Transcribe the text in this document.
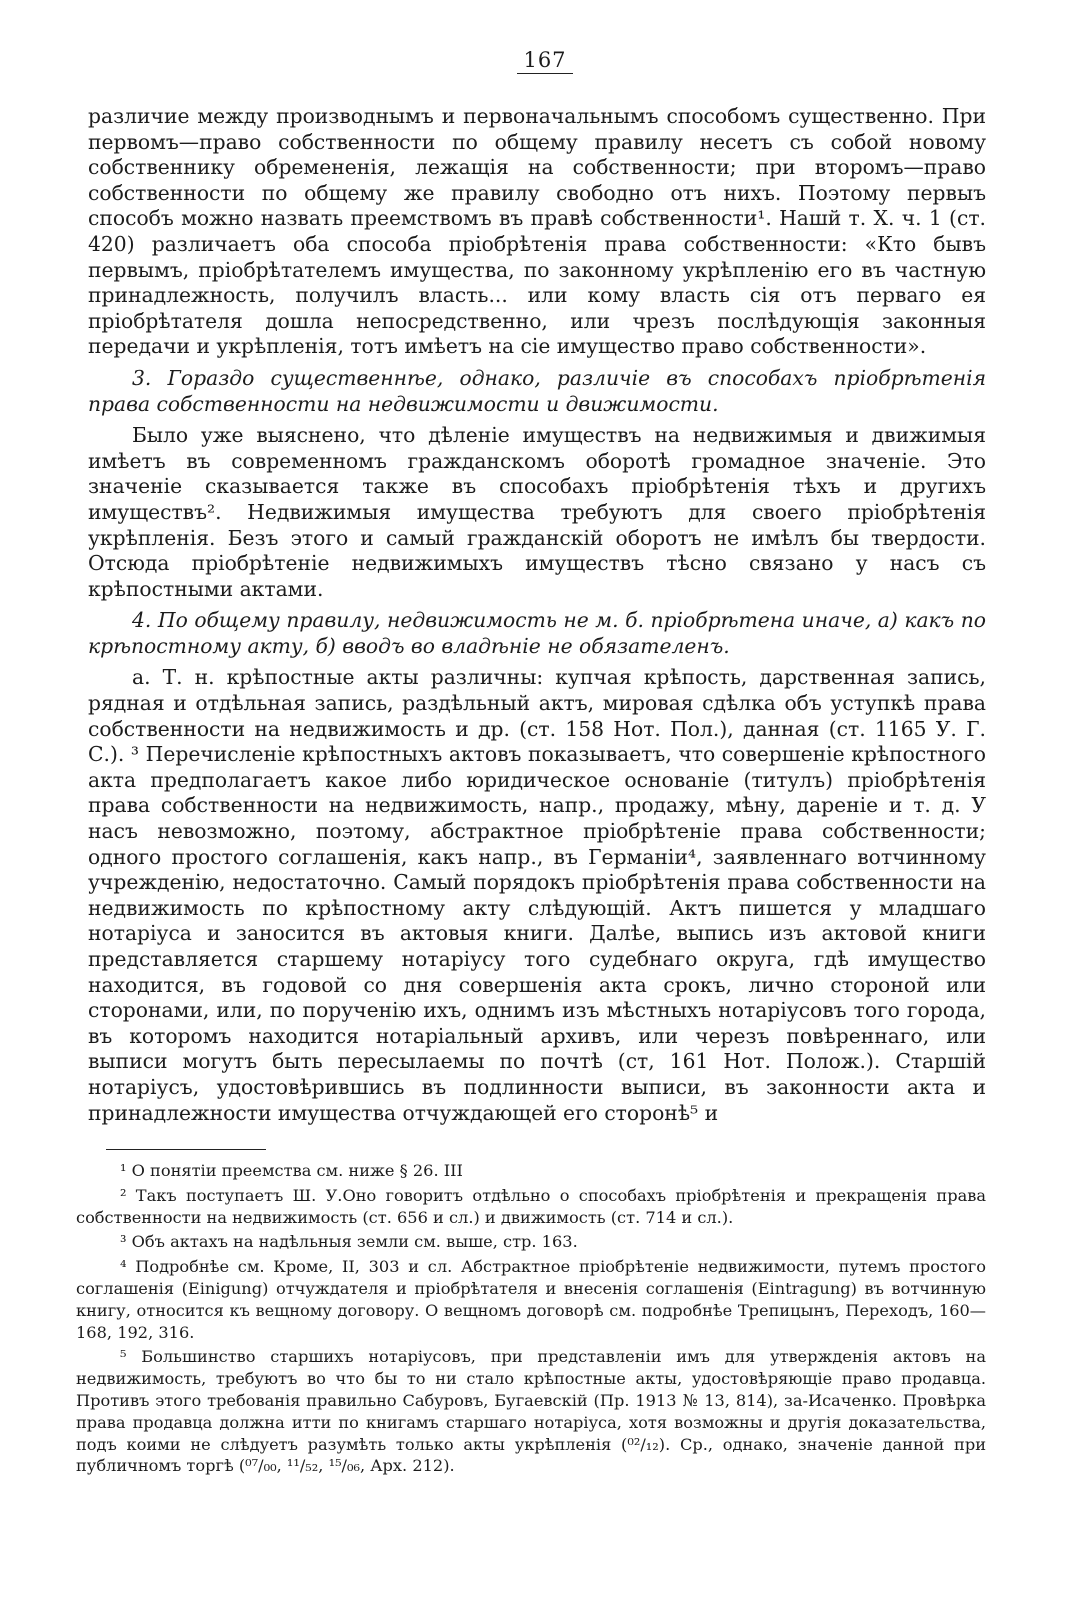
167

различие между производнымъ и первоначальнымъ способомъ существенно. При первомъ—право собственности по общему правилу несетъ съ собой новому собственнику обремененія, лежащія на собственности; при второмъ—право собственности по общему же правилу свободно отъ нихъ. Поэтому первыъ способъ можно назвать преемствомъ въ правѣ собственности¹. Нашй т. X. ч. 1 (ст. 420) различаетъ оба способа пріобрѣтенія права собственности: «Кто бывъ первымъ, пріобрѣтателемъ имущества, по законному укрѣпленію его въ частную принадлежность, получилъ власть... или кому власть сія отъ перваго ея пріобрѣтателя дошла непосредственно, или чрезъ послѣдующія законныя передачи и укрѣпленія, тотъ имѣетъ на сіе имущество право собственности».

3. Гораздо существеннѣе, однако, различіе въ способахъ пріобрѣтенія права собственности на недвижимости и движимости.

Было уже выяснено, что дѣленіе имуществъ на недвижимыя и движимыя имѣетъ въ современномъ гражданскомъ оборотѣ громадное значеніе. Это значеніе сказывается также въ способахъ пріобрѣтенія тѣхъ и другихъ имуществъ². Недвижимыя имущества требуютъ для своего пріобрѣтенія укрѣпленія. Безъ этого и самый гражданскій оборотъ не имѣлъ бы твердости. Отсюда пріобрѣтеніе недвижимыхъ имуществъ тѣсно связано у насъ съ крѣпостными актами.

4. По общему правилу, недвижимость не м. б. пріобрѣтена иначе, а) какъ по крѣпостному акту, б) вводъ во владѣніе не обязателенъ.

а. Т. н. крѣпостные акты различны: купчая крѣпость, дарственная запись, рядная и отдѣльная запись, раздѣльный актъ, мировая сдѣлка объ уступкѣ права собственности на недвижимость и др. (ст. 158 Нот. Пол.), данная (ст. 1165 У. Г. С.). ³ Перечисленіе крѣпостныхъ актовъ показываетъ, что совершеніе крѣпостного акта предполагаетъ какое либо юридическое основаніе (титулъ) пріобрѣтенія права собственности на недвижимость, напр., продажу, мѣну, дареніе и т. д. У насъ невозможно, поэтому, абстрактное пріобрѣтеніе права собственности; одного простого соглашенія, какъ напр., въ Германіи⁴, заявленнаго вотчинному учрежденію, недостаточно. Самый порядокъ пріобрѣтенія права собственности на недвижимость по крѣпостному акту слѣдующій. Актъ пишется у младшаго нотаріуса и заносится въ актовыя книги. Далѣе, выпись изъ актовой книги представляется старшему нотаріусу того судебнаго округа, гдѣ имущество находится, въ годовой со дня совершенія акта срокъ, лично стороной или сторонами, или, по порученію ихъ, однимъ изъ мѣстныхъ нотаріусовъ того города, въ которомъ находится нотаріальный архивъ, или черезъ повѣреннаго, или выписи могутъ быть пересылаемы по почтѣ (ст, 161 Нот. Полож.). Старшій нотаріусъ, удостовѣрившись въ подлинности выписи, въ законности акта и принадлежности имущества отчуждающей его сторонѣ⁵ и

¹ О понятіи преемства см. ниже § 26. III

² Такъ поступаетъ Ш. У.Оно говоритъ отдѣльно о способахъ пріобрѣтенія и прекращенія права собственности на недвижимость (ст. 656 и сл.) и движимость (ст. 714 и сл.).

³ Объ актахъ на надѣльныя земли см. выше, стр. 163.

⁴ Подробнѣе см. Кроме, II, 303 и сл. Абстрактное пріобрѣтеніе недвижимости, путемъ простого соглашенія (Einigung) отчуждателя и пріобрѣтателя и внесенія соглашенія (Eintragung) въ вотчинную книгу, относится къ вещному договору. О вещномъ договорѣ см. подробнѣе Трепицынъ, Переходъ, 160—168, 192, 316.

⁵ Большинство старшихъ нотаріусовъ, при представленіи имъ для утвержденія актовъ на недвижимость, требуютъ во что бы то ни стало крѣпостные акты, удостовѣряющіе право продавца. Противъ этого требованія правильно Сабуровъ, Бугаевскій (Пр. 1913 № 13, 814), за-Исаченко. Провѣрка права продавца должна итти по книгамъ старшаго нотаріуса, хотя возможны и другія доказательства, подъ коими не слѣдуетъ разумѣть только акты укрѣпленія (⁰²/₁₂). Ср., однако, значеніе данной при публичномъ торгѣ (⁰⁷/₀₀, ¹¹/₅₂, ¹⁵/₀₆, Арх. 212).
